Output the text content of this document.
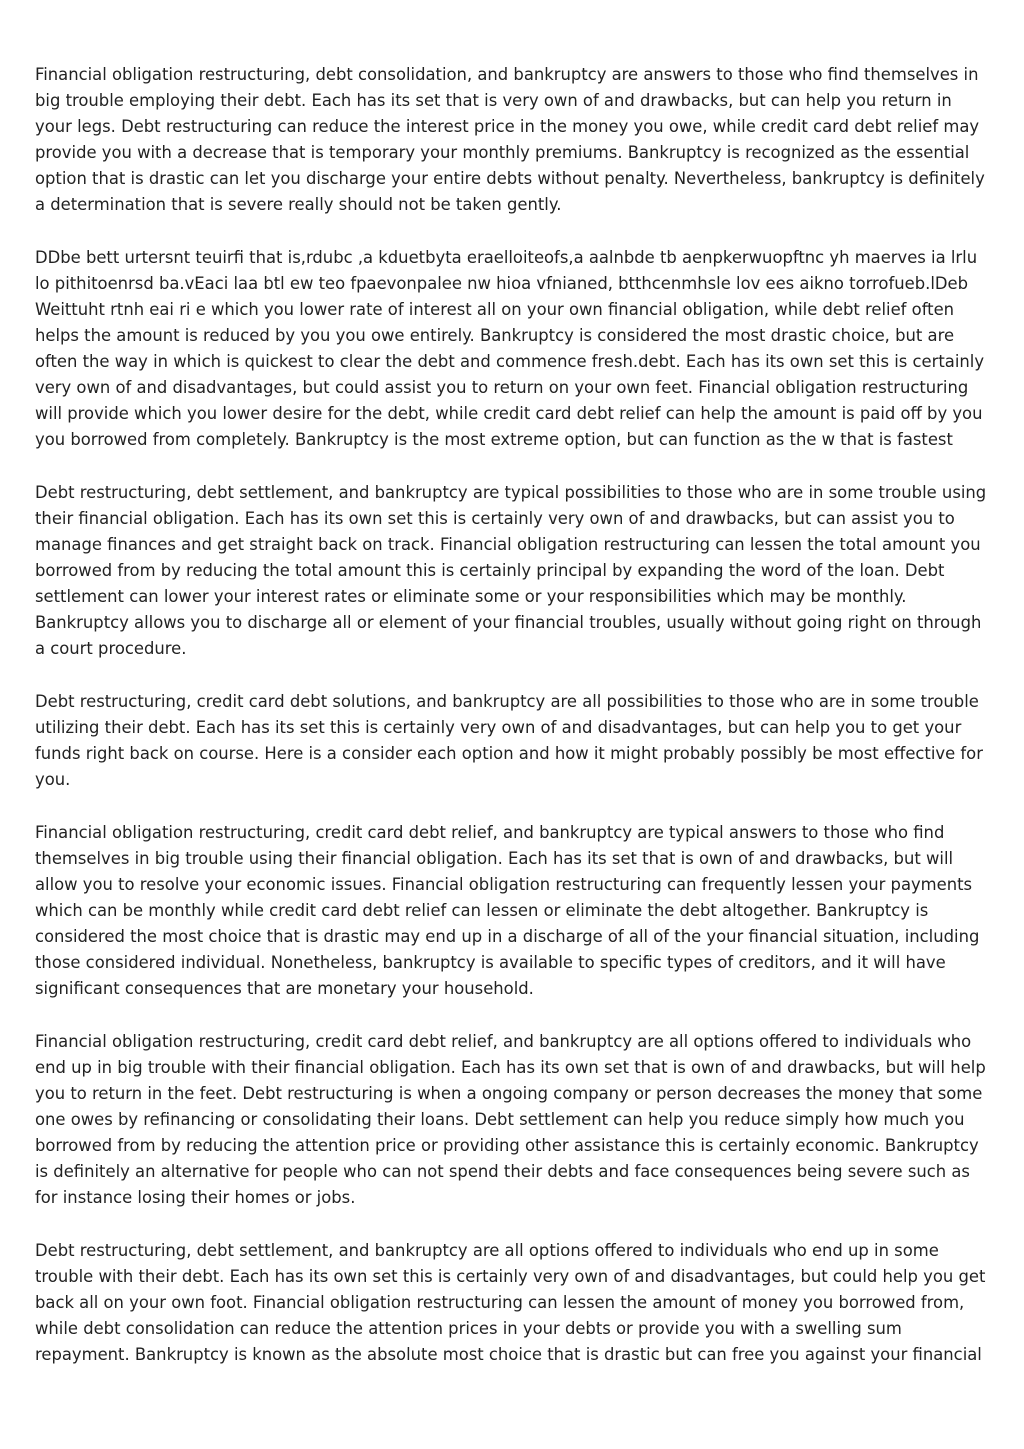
Financial obligation restructuring, debt consolidation, and bankruptcy are answers to those who find themselves in big trouble employing their debt. Each has its set that is very own of and drawbacks, but can help you return in your legs. Debt restructuring can reduce the interest price in the money you owe, while credit card debt relief may provide you with a decrease that is temporary your monthly premiums. Bankruptcy is recognized as the essential option that is drastic can let you discharge your entire debts without penalty. Nevertheless, bankruptcy is definitely a determination that is severe really should not be taken gently.

DDbe bett urtersnt teuirfi that is,rdubc ,a kduetbyta eraelloiteofs,a aalnbde tb aenpkerwuopftnc yh maerves ia lrlu lo pithitoenrsd ba.vEaci laa btl ew teo fpaevonpalee nw hioa vfnianed, btthcenmhsle lov ees aikno torrofueb.lDeb Weittuht rtnh eai ri e which you lower rate of interest all on your own financial obligation, while debt relief often helps the amount is reduced by you you owe entirely. Bankruptcy is considered the most drastic choice, but are often the way in which is quickest to clear the debt and commence fresh.debt. Each has its own set this is certainly very own of and disadvantages, but could assist you to return on your own feet. Financial obligation restructuring will provide which you lower desire for the debt, while credit card debt relief can help the amount is paid off by you you borrowed from completely. Bankruptcy is the most extreme option, but can function as the w that is fastest

Debt restructuring, debt settlement, and bankruptcy are typical possibilities to those who are in some trouble using their financial obligation. Each has its own set this is certainly very own of and drawbacks, but can assist you to manage finances and get straight back on track. Financial obligation restructuring can lessen the total amount you borrowed from by reducing the total amount this is certainly principal by expanding the word of the loan. Debt settlement can lower your interest rates or eliminate some or your responsibilities which may be monthly. Bankruptcy allows you to discharge all or element of your financial troubles, usually without going right on through a court procedure.

Debt restructuring, credit card debt solutions, and bankruptcy are all possibilities to those who are in some trouble utilizing their debt. Each has its set this is certainly very own of and disadvantages, but can help you to get your funds right back on course. Here is a consider each option and how it might probably possibly be most effective for you.

Financial obligation restructuring, credit card debt relief, and bankruptcy are typical answers to those who find themselves in big trouble using their financial obligation. Each has its set that is own of and drawbacks, but will allow you to resolve your economic issues. Financial obligation restructuring can frequently lessen your payments which can be monthly while credit card debt relief can lessen or eliminate the debt altogether. Bankruptcy is considered the most choice that is drastic may end up in a discharge of all of the your financial situation, including those considered individual. Nonetheless, bankruptcy is available to specific types of creditors, and it will have significant consequences that are monetary your household.

Financial obligation restructuring, credit card debt relief, and bankruptcy are all options offered to individuals who end up in big trouble with their financial obligation. Each has its own set that is own of and drawbacks, but will help you to return in the feet. Debt restructuring is when a ongoing company or person decreases the money that some one owes by refinancing or consolidating their loans. Debt settlement can help you reduce simply how much you borrowed from by reducing the attention price or providing other assistance this is certainly economic. Bankruptcy is definitely an alternative for people who can not spend their debts and face consequences being severe such as for instance losing their homes or jobs.

Debt restructuring, debt settlement, and bankruptcy are all options offered to individuals who end up in some trouble with their debt. Each has its own set this is certainly very own of and disadvantages, but could help you get back all on your own foot. Financial obligation restructuring can lessen the amount of money you borrowed from, while debt consolidation can reduce the attention prices in your debts or provide you with a swelling sum repayment. Bankruptcy is known as the absolute most choice that is drastic but can free you against your financial
